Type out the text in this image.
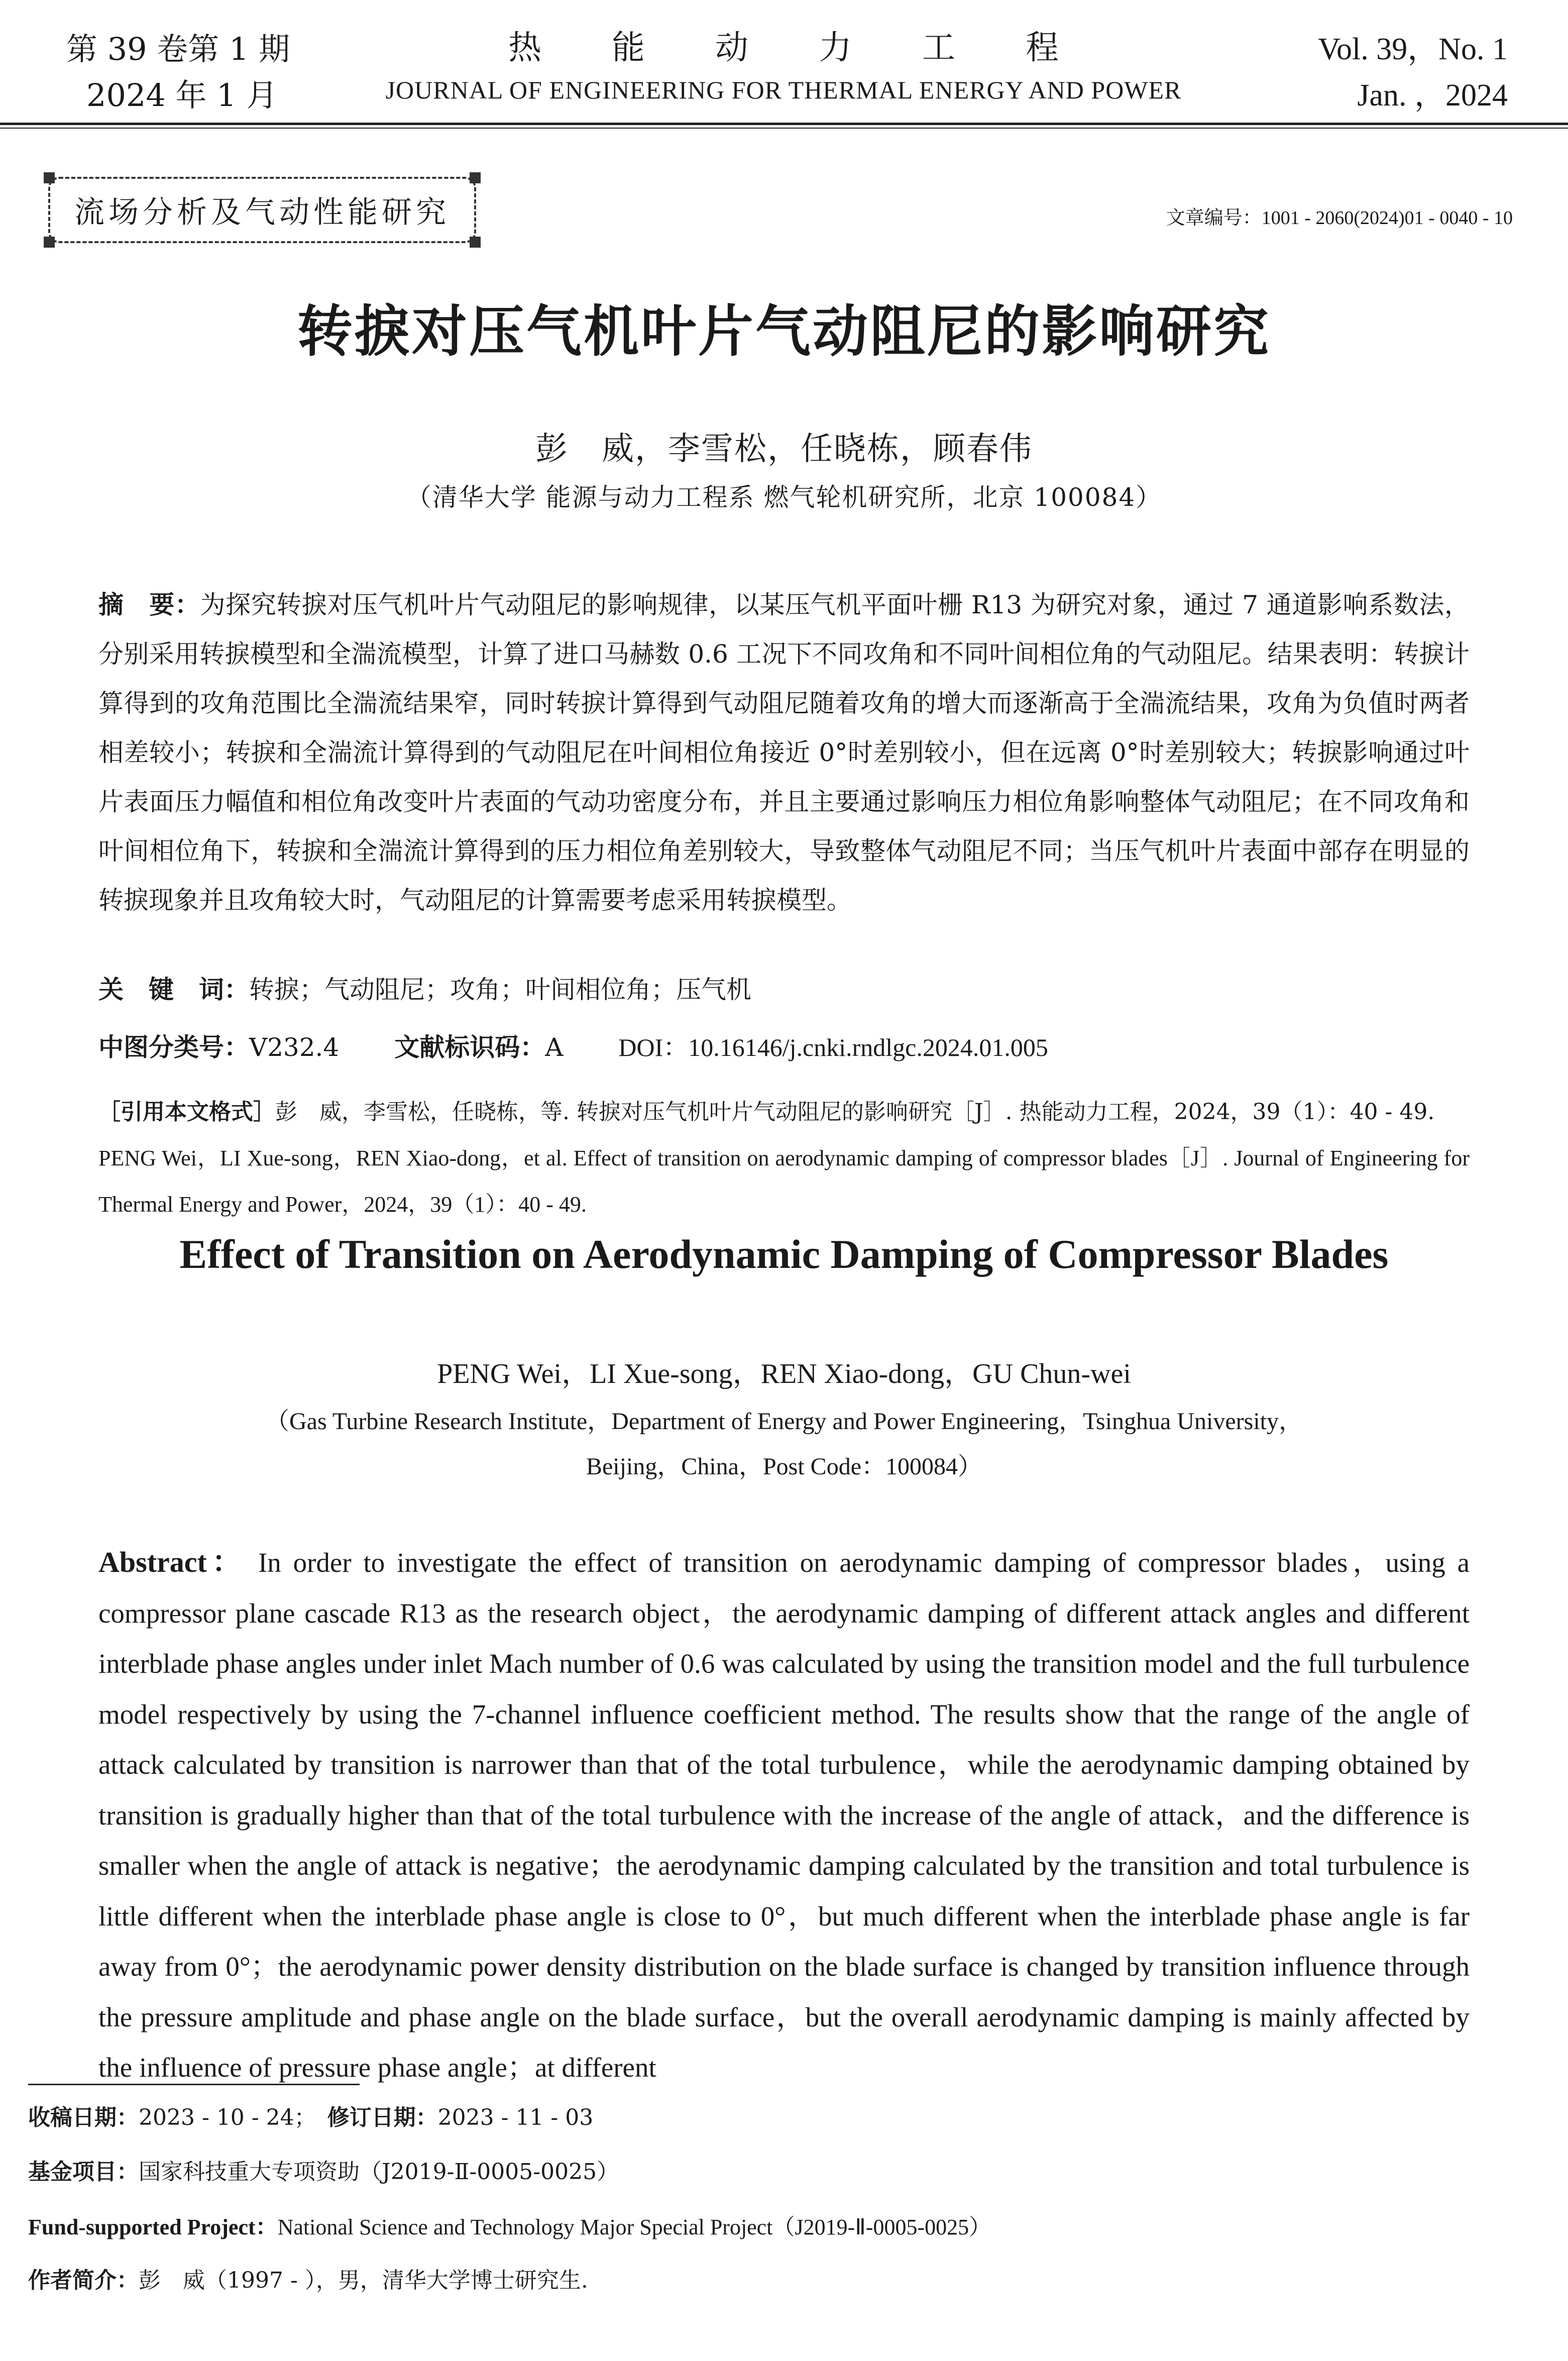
第 39 卷第 1 期
2024 年 1 月
热能动力工程
JOURNAL OF ENGINEERING FOR THERMAL ENERGY AND POWER
Vol. 39，No. 1
Jan. ，2024
流场分析及气动性能研究	文章编号：1001 - 2060(2024)01 - 0040 - 10
转捩对压气机叶片气动阻尼的影响研究
彭　威，李雪松，任晓栋，顾春伟
（清华大学 能源与动力工程系 燃气轮机研究所，北京 100084）
摘　要：为探究转捩对压气机叶片气动阻尼的影响规律，以某压气机平面叶栅 R13 为研究对象，通过 7 通道影响系数法，分别采用转捩模型和全湍流模型，计算了进口马赫数 0.6 工况下不同攻角和不同叶间相位角的气动阻尼。结果表明：转捩计算得到的攻角范围比全湍流结果窄，同时转捩计算得到气动阻尼随着攻角的增大而逐渐高于全湍流结果，攻角为负值时两者相差较小；转捩和全湍流计算得到的气动阻尼在叶间相位角接近 0°时差别较小，但在远离 0°时差别较大；转捩影响通过叶片表面压力幅值和相位角改变叶片表面的气动功密度分布，并且主要通过影响压力相位角影响整体气动阻尼；在不同攻角和叶间相位角下，转捩和全湍流计算得到的压力相位角差别较大，导致整体气动阻尼不同；当压气机叶片表面中部存在明显的转捩现象并且攻角较大时，气动阻尼的计算需要考虑采用转捩模型。
关　键　词：转捩；气动阻尼；攻角；叶间相位角；压气机
中图分类号：V232.4 文献标识码：A DOI：10.16146/j.cnki.rndlgc.2024.01.005
［引用本文格式］彭　威，李雪松，任晓栋，等. 转捩对压气机叶片气动阻尼的影响研究［J］. 热能动力工程，2024，39（1）：40 - 49.
PENG Wei，LI Xue-song，REN Xiao-dong，et al. Effect of transition on aerodynamic damping of compressor blades［J］. Journal of Engineering for Thermal Energy and Power，2024，39（1）：40 - 49.
Effect of Transition on Aerodynamic Damping of Compressor Blades
PENG Wei，LI Xue-song，REN Xiao-dong，GU Chun-wei
（Gas Turbine Research Institute，Department of Energy and Power Engineering，Tsinghua University，
Beijing，China，Post Code：100084）
Abstract： In order to investigate the effect of transition on aerodynamic damping of compressor blades，using a compressor plane cascade R13 as the research object，the aerodynamic damping of different attack angles and different interblade phase angles under inlet Mach number of 0.6 was calculated by using the transition model and the full turbulence model respectively by using the 7-channel influence coefficient method. The results show that the range of the angle of attack calculated by transition is narrower than that of the total turbulence，while the aerodynamic damping obtained by transition is gradually higher than that of the total turbulence with the increase of the angle of attack，and the difference is smaller when the angle of attack is negative；the aerodynamic damping calculated by the transition and total turbulence is little different when the interblade phase angle is close to 0°，but much different when the interblade phase angle is far away from 0°；the aerodynamic power density distribution on the blade surface is changed by transition influence through the pressure amplitude and phase angle on the blade surface，but the overall aerodynamic damping is mainly affected by the influence of pressure phase angle；at different
收稿日期：2023 - 10 - 24；　 修订日期：2023 - 11 - 03
基金项目：国家科技重大专项资助（J2019-Ⅱ-0005-0025）
Fund-supported Project：National Science and Technology Major Special Project（J2019-Ⅱ-0005-0025）
作者简介：彭　威（1997 - ），男，清华大学博士研究生.
